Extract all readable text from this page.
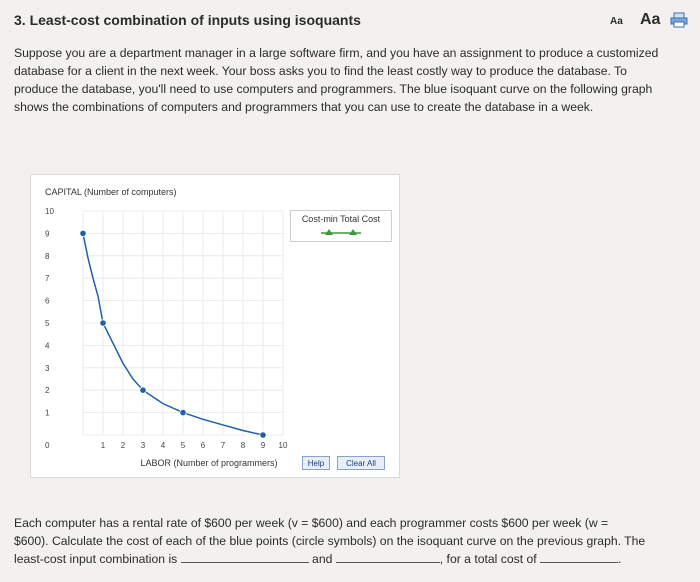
3. Least-cost combination of inputs using isoquants	Aa Aa
Suppose you are a department manager in a large software firm, and you have an assignment to produce a customized database for a client in the next week. Your boss asks you to find the least costly way to produce the database. To produce the database, you'll need to use computers and programmers. The blue isoquant curve on the following graph shows the combinations of computers and programmers that you can use to create the database in a week.
CAPITAL (Number of computers)
LABOR (Number of programmers)
10
9
8
7
6
5
4
3
2
1
0	1 2 3 4 5 6 7 8 9 10
Cost-min Total Cost
Help	Clear All
Each computer has a rental rate of $600 per week (v = $600) and each programmer costs $600 per week (w =
$600). Calculate the cost of each of the blue points (circle symbols) on the isoquant curve on the previous graph. The
least-cost input combination is	and	, for a total cost of	.
